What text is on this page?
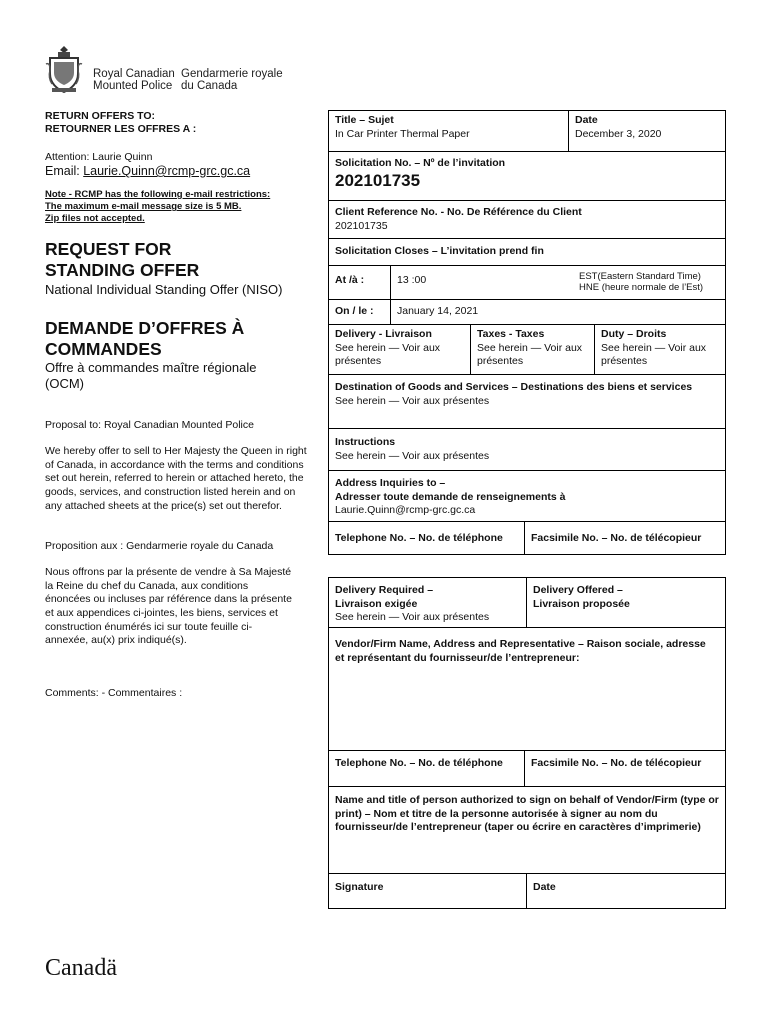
Royal Canadian
Mounted Police
Gendarmerie royale
du Canada
RETURN OFFERS TO:
RETOURNER LES OFFRES A :
Attention: Laurie Quinn
Email: Laurie.Quinn@rcmp-grc.gc.ca
Note - RCMP has the following e-mail restrictions:
The maximum e-mail message size is 5 MB.
Zip files not accepted.
REQUEST FOR
STANDING OFFER
National Individual Standing Offer (NISO)
DEMANDE D’OFFRES À
COMMANDES
Offre à commandes maître régionale
(OCM)
Proposal to: Royal Canadian Mounted Police
We hereby offer to sell to Her Majesty the Queen in right of Canada, in accordance with the terms and conditions set out herein, referred to herein or attached hereto, the goods, services, and construction listed herein and on any attached sheets at the price(s) set out therefor.
Proposition aux : Gendarmerie royale du Canada
Nous offrons par la présente de vendre à Sa Majesté la Reine du chef du Canada, aux conditions énoncées ou incluses par référence dans la présente et aux appendices ci-jointes, les biens, services et construction énumérés ici sur toute feuille ci-annexée, au(x) prix indiqué(s).
Comments: - Commentaires :
Title – Sujet
In Car Printer Thermal Paper
Date
December 3, 2020
Solicitation No. – Nº de l’invitation
202101735
Client Reference No. - No. De Référence du Client
202101735
Solicitation Closes – L’invitation prend fin
At /à :	13 :00	EST(Eastern Standard Time)
HNE (heure normale de l’Est)
On / le :	January 14, 2021
Delivery - Livraison
See herein — Voir aux présentes
Taxes - Taxes
See herein — Voir aux présentes
Duty – Droits
See herein — Voir aux présentes
Destination of Goods and Services – Destinations des biens et services
See herein — Voir aux présentes
Instructions
See herein — Voir aux présentes
Address Inquiries to –
Adresser toute demande de renseignements à
Laurie.Quinn@rcmp-grc.gc.ca
Telephone No. – No. de téléphone	Facsimile No. – No. de télécopieur
Delivery Required –
Livraison exigée
See herein — Voir aux présentes
Delivery Offered –
Livraison proposée
Vendor/Firm Name, Address and Representative – Raison sociale, adresse et représentant du fournisseur/de l’entrepreneur:
Telephone No. – No. de téléphone	Facsimile No. – No. de télécopieur
Name and title of person authorized to sign on behalf of Vendor/Firm (type or print) – Nom et titre de la personne autorisée à signer au nom du fournisseur/de l’entrepreneur (taper ou écrire en caractères d’imprimerie)
Signature	Date
Canadä
